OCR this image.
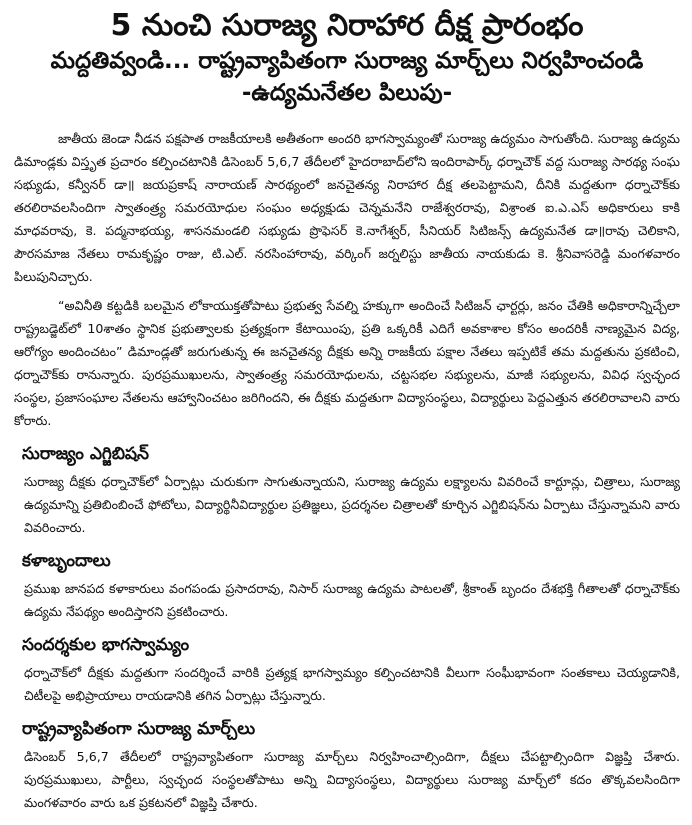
5 నుంచి సురాజ్య నిరాహార దీక్ష ప్రారంభం
మద్దతివ్వండి... రాష్ట్రవ్యాపితంగా సురాజ్య మార్చ్‌లు నిర్వహించండి
-ఉద్యమనేతల పిలుపు-

జాతీయ జెండా నీడన పక్షపాత రాజకీయాలకి అతీతంగా అందరి భాగస్వామ్యంతో సురాజ్య ఉద్యమం సాగుతోంది. సురాజ్య ఉద్యమ డిమాండ్లకు విస్తృత ప్రచారం కల్పించటానికి డిసెంబర్ 5,6,7 తేదీలలో హైదరాబాద్‌లోని ఇందిరాపార్క్ ధర్నాచౌక్ వద్ద సురాజ్య సారథ్య సంఘ సభ్యుడు, కన్వీనర్ డా॥ జయప్రకాష్ నారాయణ్ సారథ్యంలో జనచైతన్య నిరాహార దీక్ష తలపెట్టామని, దీనికి మద్దతుగా ధర్నాచౌక్‌కు తరలిరావలసిందిగా స్వాతంత్ర్య సమరయోధుల సంఘం అధ్యక్షుడు చెన్నమనేని రాజేశ్వరరావు, విశ్రాంత ఐ.ఎ.ఎస్ అధికారులు కాకి మాధవరావు, కె. పద్మనాభయ్య, శాసనమండలి సభ్యుడు ప్రొఫెసర్ కె.నాగేశ్వర్, సీనియర్ సిటిజన్స్ ఉద్యమనేత డా॥రావు చెలికాని, పౌరసమాజ నేతలు రామకృష్ణం రాజు, టి.ఎల్. నరసింహారావు, వర్కింగ్ జర్నలిస్టు జాతీయ నాయకుడు కె. శ్రీనివాసరెడ్డి మంగళవారం పిలుపునిచ్చారు.

“అవినీతి కట్టడికి బలమైన లోకాయుక్తతోపాటు ప్రభుత్వ సేవల్ని హక్కుగా అందించే సిటిజన్ ఛార్టర్లు, జనం చేతికి అధికారాన్నిచ్చేలా రాష్ట్రబడ్జెట్‌లో 10శాతం స్థానిక ప్రభుత్వాలకు ప్రత్యక్షంగా కేటాయింపు, ప్రతి ఒక్కరికీ ఎదిగే అవకాశాల కోసం అందరికీ నాణ్యమైన విద్య, ఆరోగ్యం అందించటం” డిమాండ్లతో జరుగుతున్న ఈ జనచైతన్య దీక్షకు అన్ని రాజకీయ పక్షాల నేతలు ఇప్పటికే తమ మద్దతును ప్రకటించి, ధర్నాచౌక్‌కు రానున్నారు. పురప్రముఖులను, స్వాతంత్ర్య సమరయోధులను, చట్టసభల సభ్యులను, మాజీ సభ్యులను, వివిధ స్వచ్ఛంద సంస్థల, ప్రజాసంఘాల నేతలను ఆహ్వానించటం జరిగిందని, ఈ దీక్షకు మద్దతుగా విద్యాసంస్థలు, విద్యార్థులు పెద్దఎత్తున తరలిరావాలని వారు కోరారు.

సురాజ్యం ఎగ్జిబిషన్

సురాజ్య దీక్షకు ధర్నాచౌక్‌లో ఏర్పాట్లు చురుకుగా సాగుతున్నాయని, సురాజ్య ఉద్యమ లక్ష్యాలను వివరించే కార్టూన్లు, చిత్రాలు, సురాజ్య ఉద్యమాన్ని ప్రతిబింబించే ఫోటోలు, విద్యార్థినీవిద్యార్థుల ప్రతిజ్ఞలు, ప్రదర్శనల చిత్రాలతో కూర్చిన ఎగ్జిబిషన్‌ను ఏర్పాటు చేస్తున్నామని వారు వివరించారు.

కళాబృందాలు

ప్రముఖ జానపద కళాకారులు వంగపండు ప్రసాదరావు, నిసార్ సురాజ్య ఉద్యమ పాటలతో, శ్రీకాంత్ బృందం దేశభక్తి గీతాలతో ధర్నాచౌక్‌కు ఉద్యమ నేపథ్యం అందిస్తారని ప్రకటించారు.

సందర్శకుల భాగస్వామ్యం

ధర్నాచౌక్‌లో దీక్షకు మద్దతుగా సందర్శించే వారికి ప్రత్యక్ష భాగస్వామ్యం కల్పించటానికి వీలుగా సంఘీభావంగా సంతకాలు చెయ్యడానికి, చిటీలపై అభిప్రాయాలు రాయడానికి తగిన ఏర్పాట్లు చేస్తున్నారు.

రాష్ట్రవ్యాపితంగా సురాజ్య మార్చ్‌లు

డిసెంబర్ 5,6,7 తేదీలలో రాష్ట్రవ్యాపితంగా సురాజ్య మార్చ్‌లు నిర్వహించాల్సిందిగా, దీక్షలు చేపట్టాల్సిందిగా విజ్ఞప్తి చేశారు. పురప్రముఖులు, పార్టీలు, స్వచ్ఛంద సంస్థలతోపాటు అన్ని విద్యాసంస్థలు, విద్యార్థులు సురాజ్య మార్చ్‌లో కదం తొక్కవలసిందిగా మంగళవారం వారు ఒక ప్రకటనలో విజ్ఞప్తి చేశారు.
